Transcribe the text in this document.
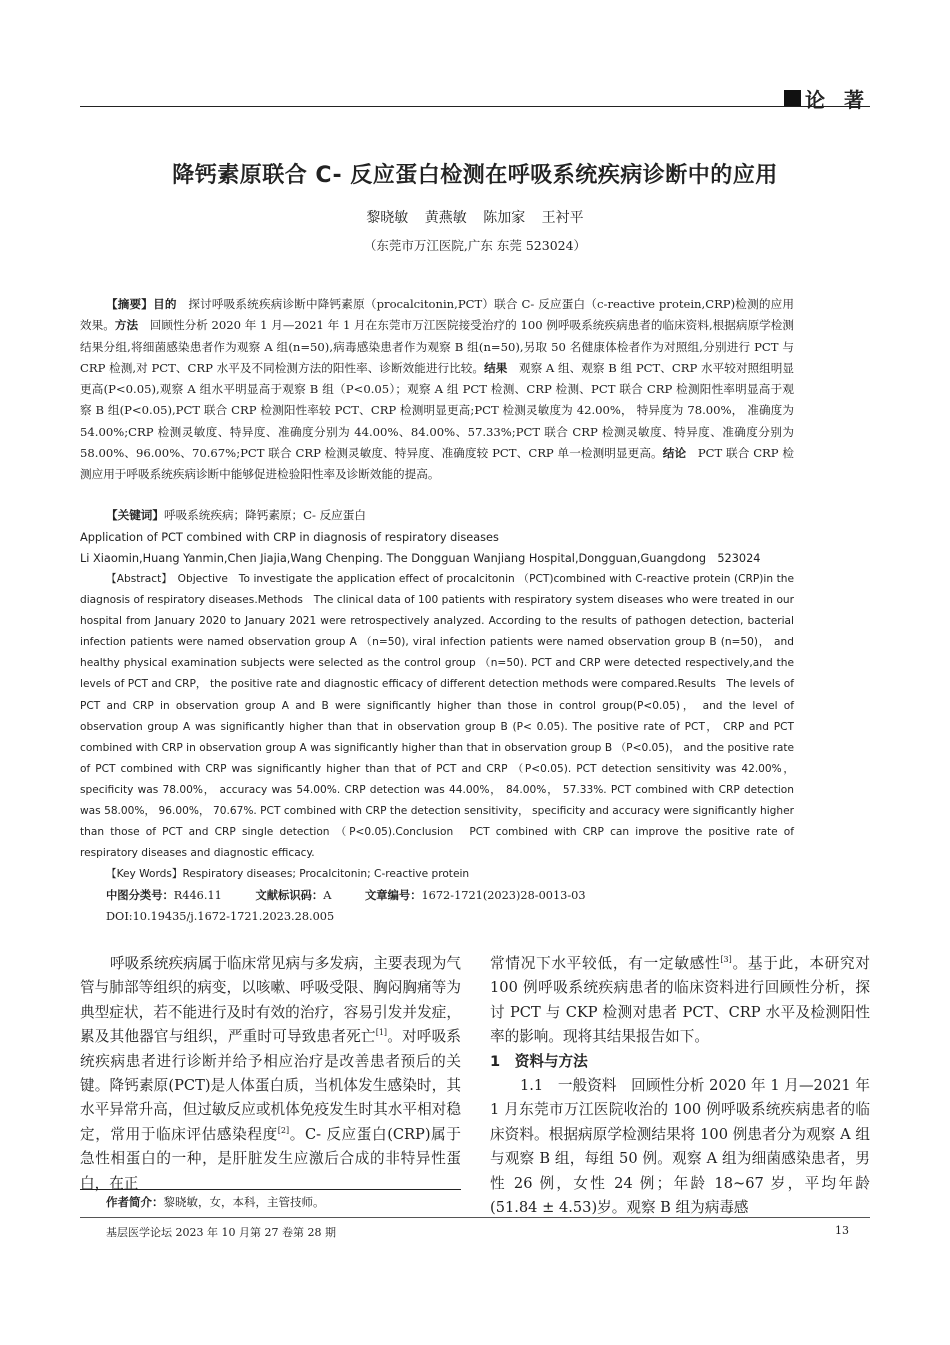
论 著
降钙素原联合 C- 反应蛋白检测在呼吸系统疾病诊断中的应用
黎晓敏 黄燕敏 陈加家 王衬平
（东莞市万江医院,广东 东莞 523024）
【摘要】目的　探讨呼吸系统疾病诊断中降钙素原（procalcitonin,PCT）联合 C- 反应蛋白（c-reactive protein,CRP)检测的应用效果。方法　回顾性分析 2020 年 1 月—2021 年 1 月在东莞市万江医院接受治疗的 100 例呼吸系统疾病患者的临床资料,根据病原学检测结果分组,将细菌感染患者作为观察 A 组(n=50),病毒感染患者作为观察 B 组(n=50),另取 50 名健康体检者作为对照组,分别进行 PCT 与 CRP 检测,对 PCT、CRP 水平及不同检测方法的阳性率、诊断效能进行比较。结果　观察 A 组、观察 B 组 PCT、CRP 水平较对照组明显更高(P<0.05),观察 A 组水平明显高于观察 B 组（P<0.05）；观察 A 组 PCT 检测、CRP 检测、PCT 联合 CRP 检测阳性率明显高于观察 B 组(P<0.05),PCT 联合 CRP 检测阳性率较 PCT、CRP 检测明显更高;PCT 检测灵敏度为 42.00%， 特异度为 78.00%， 准确度为 54.00%;CRP 检测灵敏度、特异度、准确度分别为 44.00%、84.00%、57.33%;PCT 联合 CRP 检测灵敏度、特异度、准确度分别为 58.00%、96.00%、70.67%;PCT 联合 CRP 检测灵敏度、特异度、准确度较 PCT、CRP 单一检测明显更高。结论　PCT 联合 CRP 检测应用于呼吸系统疾病诊断中能够促进检验阳性率及诊断效能的提高。
【关键词】呼吸系统疾病；降钙素原；C- 反应蛋白
Application of PCT combined with CRP in diagnosis of respiratory diseases
Li Xiaomin,Huang Yanmin,Chen Jiajia,Wang Chenping. The Dongguan Wanjiang Hospital,Dongguan,Guangdong　523024
【Abstract】　 Objective　To investigate the application effect of procalcitonin （PCT)combined with C-reactive protein (CRP)in the diagnosis of respiratory diseases.Methods　The clinical data of 100 patients with respiratory system diseases who were treated in our hospital from January 2020 to January 2021 were retrospectively analyzed. According to the results of pathogen detection, bacterial infection patients were named observation group A （n=50), viral infection patients were named observation group B (n=50)， and healthy physical examination subjects were selected as the control group （n=50). PCT and CRP were detected respectively,and the levels of PCT and CRP， the positive rate and diagnostic efficacy of different detection methods were compared.Results　The levels of PCT and CRP in observation group A and B were significantly higher than those in control group(P<0.05)， and the level of observation group A was significantly higher than that in observation group B (P< 0.05). The positive rate of PCT， CRP and PCT combined with CRP in observation group A was significantly higher than that in observation group B （P<0.05)， and the positive rate of PCT combined with CRP was significantly higher than that of PCT and CRP （P<0.05). PCT detection sensitivity was 42.00%， specificity was 78.00%， accuracy was 54.00%. CRP detection was 44.00%， 84.00%， 57.33%. PCT combined with CRP detection was 58.00%， 96.00%， 70.67%. PCT combined with CRP the detection sensitivity， specificity and accuracy were significantly higher than those of PCT and CRP single detection （P<0.05).Conclusion　PCT combined with CRP can improve the positive rate of respiratory diseases and diagnostic efficacy.
【Key Words】Respiratory diseases; Procalcitonin; C-reactive protein
中图分类号：R446.11	文献标识码：A	文章编号：1672-1721(2023)28-0013-03
DOI:10.19435/j.1672-1721.2023.28.005
呼吸系统疾病属于临床常见病与多发病，主要表现为气管与肺部等组织的病变，以咳嗽、呼吸受限、胸闷胸痛等为典型症状，若不能进行及时有效的治疗，容易引发并发症，累及其他器官与组织，严重时可导致患者死亡[1]。对呼吸系统疾病患者进行诊断并给予相应治疗是改善患者预后的关键。降钙素原(PCT)是人体蛋白质，当机体发生感染时，其水平异常升高，但过敏反应或机体免疫发生时其水平相对稳定，常用于临床评估感染程度[2]。C- 反应蛋白(CRP)属于急性相蛋白的一种，是肝脏发生应激后合成的非特异性蛋白，在正

常情况下水平较低，有一定敏感性[3]。基于此，本研究对 100 例呼吸系统疾病患者的临床资料进行回顾性分析，探讨 PCT 与 CKP 检测对患者 PCT、CRP 水平及检测阳性率的影响。现将其结果报告如下。

1　资料与方法

1.1　一般资料　回顾性分析 2020 年 1 月—2021 年 1 月东莞市万江医院收治的 100 例呼吸系统疾病患者的临床资料。根据病原学检测结果将 100 例患者分为观察 A 组与观察 B 组，每组 50 例。观察 A 组为细菌感染患者，男性 26 例，女性 24 例；年龄 18~67 岁，平均年龄(51.84 ± 4.53)岁。观察 B 组为病毒感

作者简介：黎晓敏，女，本科，主管技师。
基层医学论坛 2023 年 10 月第 27 卷第 28 期	13
